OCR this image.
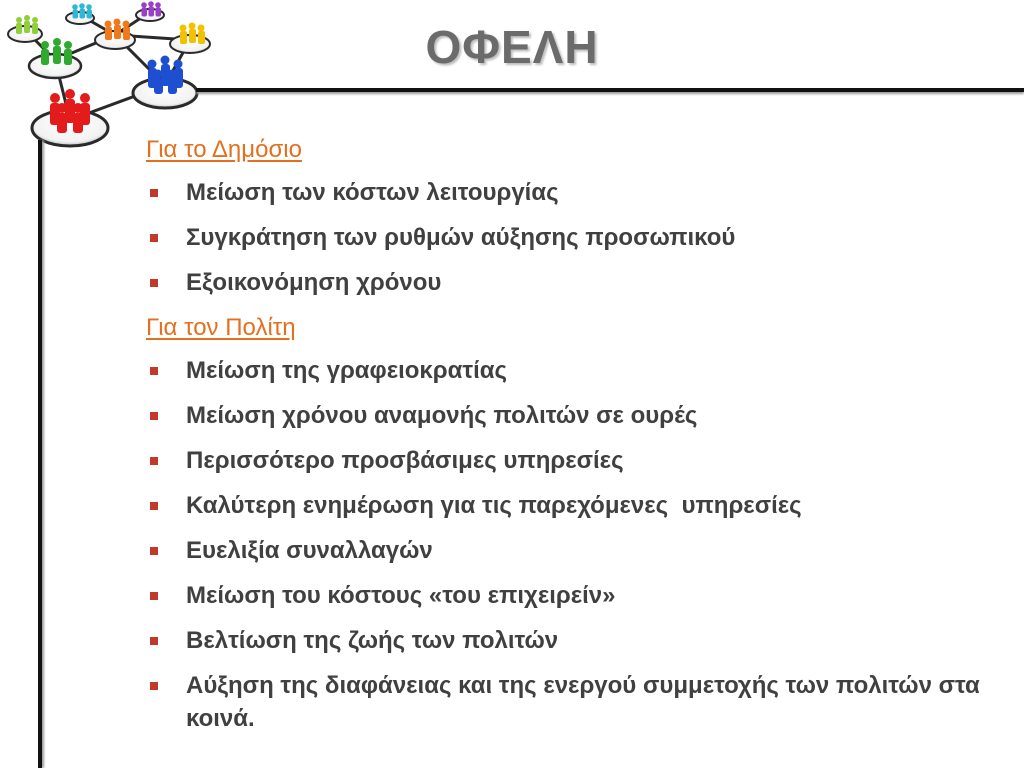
ΟΦΕΛΗ
Για το Δημόσιο
Μείωση των κόστων λειτουργίας
Συγκράτηση των ρυθμών αύξησης προσωπικού
Εξοικονόμηση χρόνου
Για τον Πολίτη
Μείωση της γραφειοκρατίας
Μείωση χρόνου αναμονής πολιτών σε ουρές
Περισσότερο προσβάσιμες υπηρεσίες
Καλύτερη ενημέρωση για τις παρεχόμενες  υπηρεσίες
Ευελιξία συναλλαγών
Μείωση του κόστους «του επιχειρείν»
Βελτίωση της ζωής των πολιτών
Αύξηση της διαφάνειας και της ενεργού συμμετοχής των πολιτών στα κοινά.
